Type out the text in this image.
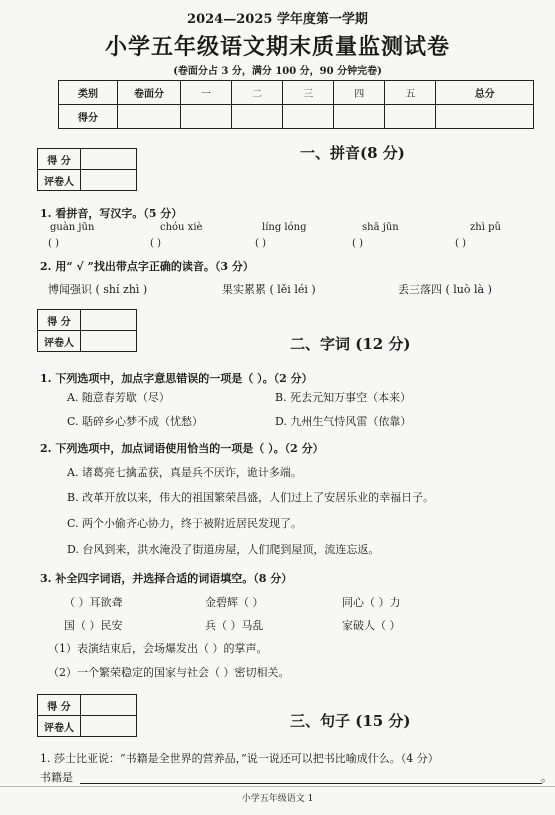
2024—2025 学年度第一学期
小学五年级语文期末质量监测试卷
(卷面分占 3 分，满分 100 分，90 分钟完卷)
类别	卷面分	一	二	三	四	五	总分
得分							
得 分	
评卷人	
一、拼音(8 分)
1. 看拼音，写汉字。（5 分）
guàn jūn	chóu xiè	líng lóng	shā jūn	zhì pǔ
( )	( )	( )	( )	( )
2. 用“ √ ”找出带点字正确的读音。（3 分）
博闻强识 ( shí zhì )	果实累累 ( lěi léi )	丢三落四 ( luò là )
得 分	
评卷人		二、字词 (12 分)
1. 下列选项中，加点字意思错误的一项是（ ）。（2 分）
A. 随意春芳歇（尽）	B. 死去元知万事空（本来）
C. 聒碎乡心梦不成（忧愁）	D. 九州生气恃风雷（依靠）
2. 下列选项中，加点词语使用恰当的一项是（ ）。（2 分）
A. 诸葛亮七擒孟获，真是兵不厌诈，诡计多端。
B. 改革开放以来，伟大的祖国繁荣昌盛，人们过上了安居乐业的幸福日子。
C. 两个小偷齐心协力，终于被附近居民发现了。
D. 台风到来，洪水淹没了街道房屋，人们爬到屋顶，流连忘返。
3. 补全四字词语，并选择合适的词语填空。（8 分）
（ ）耳欲聋	金碧辉（ ）	同心（ ）力
国（ ）民安	兵（ ）马乱	家破人（ ）
（1）表演结束后，会场爆发出（ ）的掌声。
（2）一个繁荣稳定的国家与社会（ ）密切相关。
得 分	
评卷人		三、句子 (15 分)
1. 莎士比亚说：“书籍是全世界的营养品，”说一说还可以把书比喻成什么。（4 分）
书籍是	。
小学五年级语文 1
